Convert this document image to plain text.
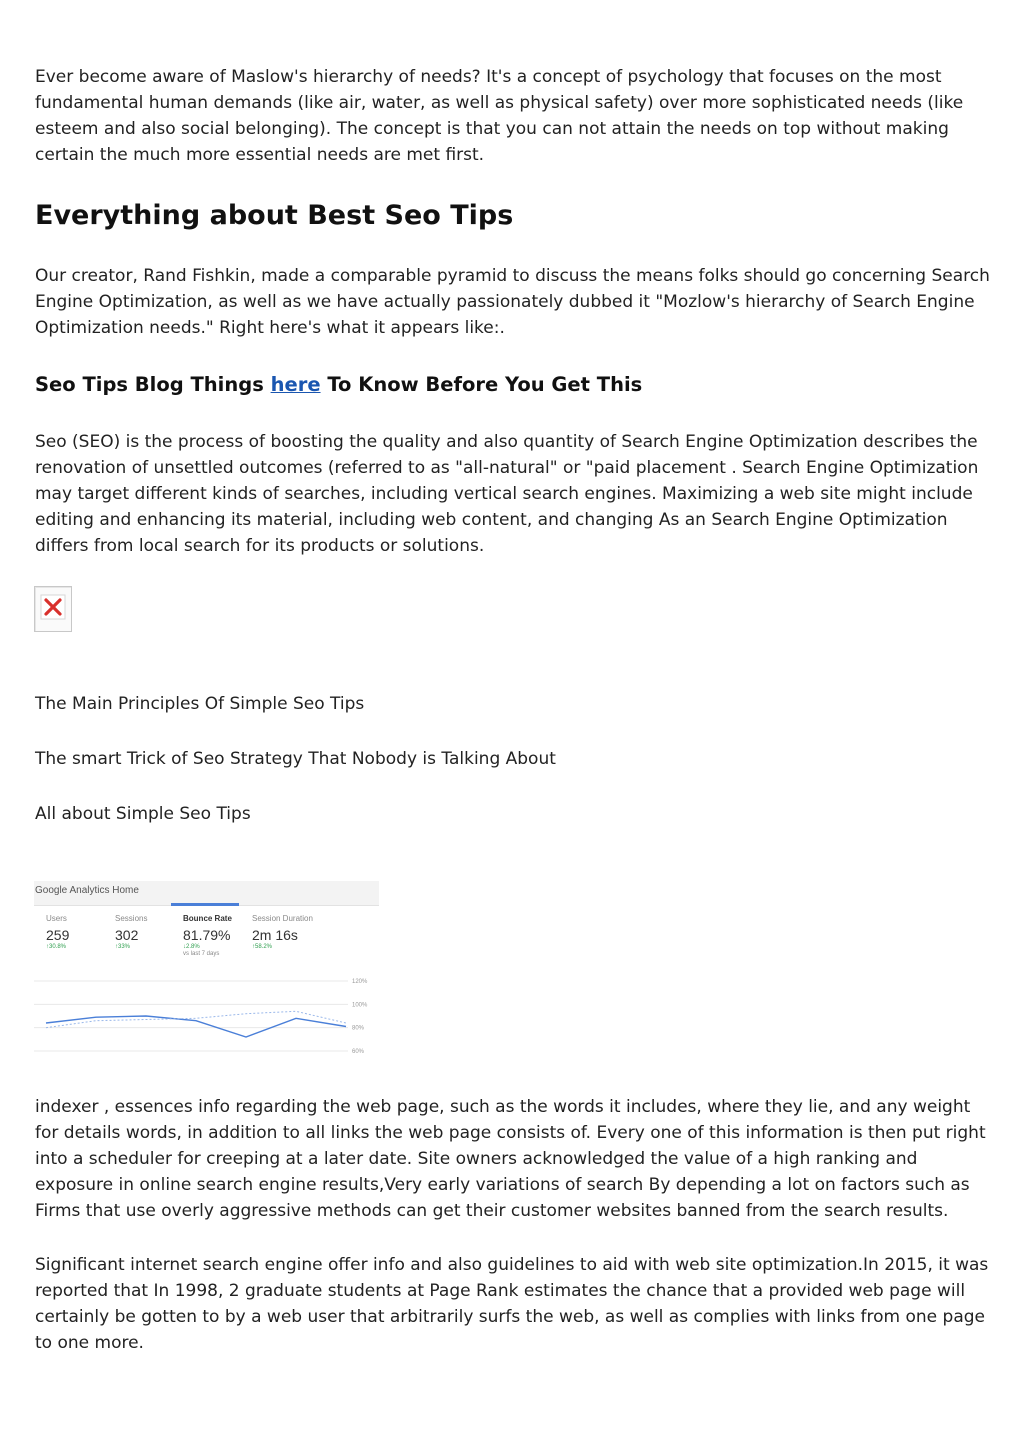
Ever become aware of Maslow's hierarchy of needs? It's a concept of psychology that focuses on the most fundamental human demands (like air, water, as well as physical safety) over more sophisticated needs (like esteem and also social belonging). The concept is that you can not attain the needs on top without making certain the much more essential needs are met first.

Everything about Best Seo Tips

Our creator, Rand Fishkin, made a comparable pyramid to discuss the means folks should go concerning Search Engine Optimization, as well as we have actually passionately dubbed it "Mozlow's hierarchy of Search Engine Optimization needs." Right here's what it appears like:.

Seo Tips Blog Things here To Know Before You Get This

Seo (SEO) is the process of boosting the quality and also quantity of Search Engine Optimization describes the renovation of unsettled outcomes (referred to as "all-natural" or "paid placement . Search Engine Optimization may target different kinds of searches, including vertical search engines. Maximizing a web site might include editing and enhancing its material, including web content, and changing As an Search Engine Optimization differs from local search for its products or solutions.

The Main Principles Of Simple Seo Tips

The smart Trick of Seo Strategy That Nobody is Talking About

All about Simple Seo Tips

Google Analytics Home
Users
259
↑30.8%
Sessions
302
↑33%
Bounce Rate
81.79%
↓2.8%
vs last 7 days
Session Duration
2m 16s
↑58.2%
120%
100%
80%
60%

indexer , essences info regarding the web page, such as the words it includes, where they lie, and any weight for details words, in addition to all links the web page consists of. Every one of this information is then put right into a scheduler for creeping at a later date. Site owners acknowledged the value of a high ranking and exposure in online search engine results,Very early variations of search By depending a lot on factors such as Firms that use overly aggressive methods can get their customer websites banned from the search results.

Significant internet search engine offer info and also guidelines to aid with web site optimization.In 2015, it was reported that In 1998, 2 graduate students at Page Rank estimates the chance that a provided web page will certainly be gotten to by a web user that arbitrarily surfs the web, as well as complies with links from one page to one more.
